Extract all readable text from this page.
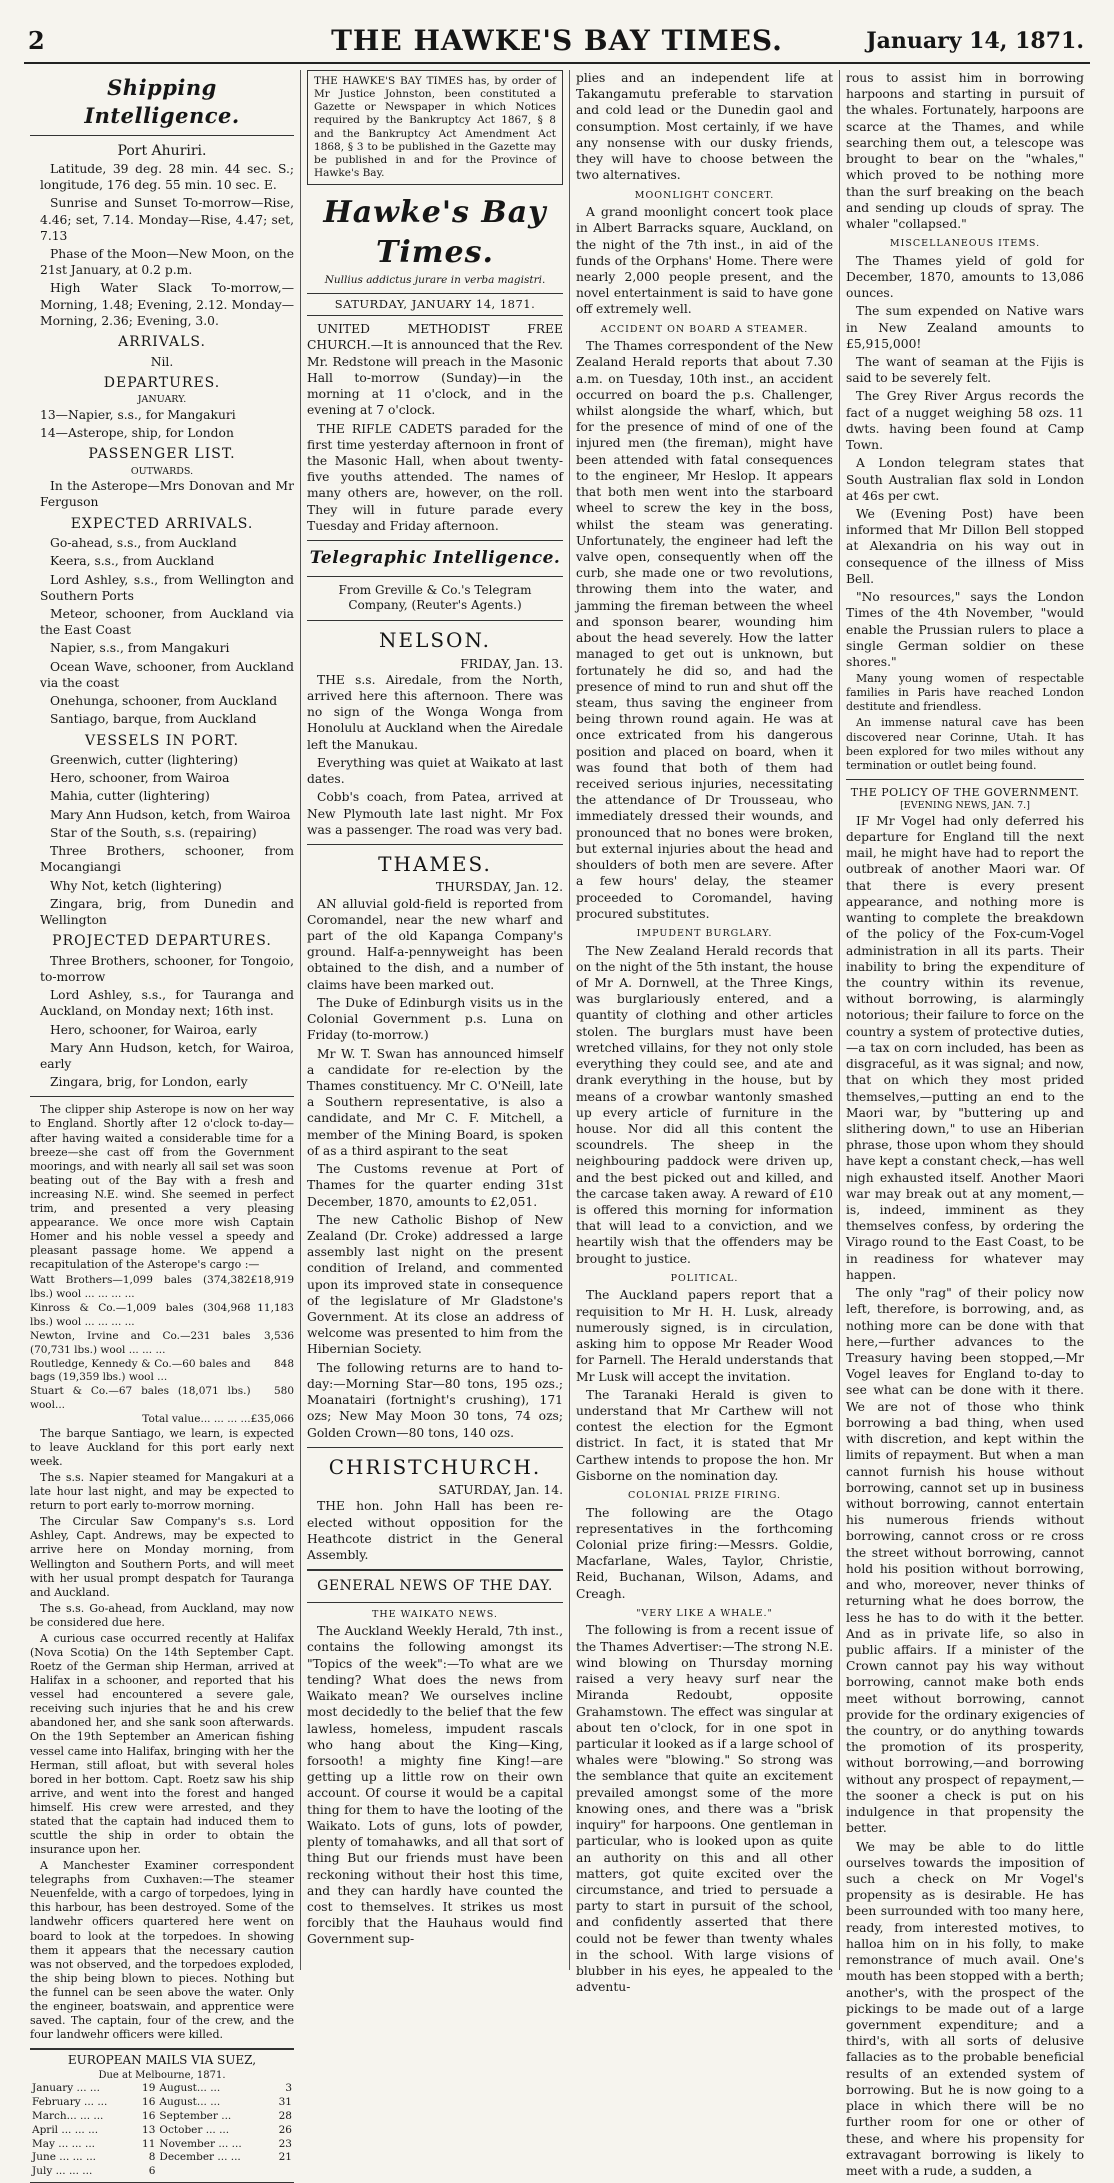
2	THE HAWKE'S BAY TIMES.	January 14, 1871.
Shipping Intelligence.
Port Ahuriri.

Latitude, 39 deg. 28 min. 44 sec. S.; longitude, 176 deg. 55 min. 10 sec. E.

Sunrise and Sunset To-morrow—Rise, 4.46; set, 7.14. Monday—Rise, 4.47; set, 7.13

Phase of the Moon—New Moon, on the 21st January, at 0.2 p.m.

High Water Slack To-morrow,—Morning, 1.48; Evening, 2.12. Monday—Morning, 2.36; Evening, 3.0.

ARRIVALS.
Nil.
DEPARTURES.
JANUARY.

13—Napier, s.s., for Mangakuri

14—Asterope, ship, for London

PASSENGER LIST.
OUTWARDS.

In the Asterope—Mrs Donovan and Mr Ferguson

EXPECTED ARRIVALS.

Go-ahead, s.s., from Auckland

Keera, s.s., from Auckland

Lord Ashley, s.s., from Wellington and Southern Ports

Meteor, schooner, from Auckland via the East Coast

Napier, s.s., from Mangakuri

Ocean Wave, schooner, from Auckland via the coast

Onehunga, schooner, from Auckland

Santiago, barque, from Auckland

VESSELS IN PORT.

Greenwich, cutter (lightering)

Hero, schooner, from Wairoa

Mahia, cutter (lightering)

Mary Ann Hudson, ketch, from Wairoa

Star of the South, s.s. (repairing)

Three Brothers, schooner, from Mocangiangi

Why Not, ketch (lightering)

Zingara, brig, from Dunedin and Wellington

PROJECTED DEPARTURES.

Three Brothers, schooner, for Tongoio, to-morrow

Lord Ashley, s.s., for Tauranga and Auckland, on Monday next; 16th inst.

Hero, schooner, for Wairoa, early

Mary Ann Hudson, ketch, for Wairoa, early

Zingara, brig, for London, early

The clipper ship Asterope is now on her way to England. Shortly after 12 o'clock to-day—after having waited a considerable time for a breeze—she cast off from the Government moorings, and with nearly all sail set was soon beating out of the Bay with a fresh and increasing N.E. wind. She seemed in perfect trim, and presented a very pleasing appearance. We once more wish Captain Homer and his noble vessel a speedy and pleasant passage home. We append a recapitulation of the Asterope's cargo :—

Watt Brothers—1,099 bales (374,382 lbs.) wool ... ... ... ...	£18,919
Kinross & Co.—1,009 bales (304,968 lbs.) wool ... ... ... ...	11,183
Newton, Irvine and Co.—231 bales (70,731 lbs.) wool ... ... ...	3,536
Routledge, Kennedy & Co.—60 bales and bags (19,359 lbs.) wool ...	848
Stuart & Co.—67 bales (18,071 lbs.) wool...	580
Total value... ... ... ...	£35,066

The barque Santiago, we learn, is expected to leave Auckland for this port early next week.

The s.s. Napier steamed for Mangakuri at a late hour last night, and may be expected to return to port early to-morrow morning.

The Circular Saw Company's s.s. Lord Ashley, Capt. Andrews, may be expected to arrive here on Monday morning, from Wellington and Southern Ports, and will meet with her usual prompt despatch for Tauranga and Auckland.

The s.s. Go-ahead, from Auckland, may now be considered due here.

A curious case occurred recently at Halifax (Nova Scotia) On the 14th September Capt. Roetz of the German ship Herman, arrived at Halifax in a schooner, and reported that his vessel had encountered a severe gale, receiving such injuries that he and his crew abandoned her, and she sank soon afterwards. On the 19th September an American fishing vessel came into Halifax, bringing with her the Herman, still afloat, but with several holes bored in her bottom. Capt. Roetz saw his ship arrive, and went into the forest and hanged himself. His crew were arrested, and they stated that the captain had induced them to scuttle the ship in order to obtain the insurance upon her.

A Manchester Examiner correspondent telegraphs from Cuxhaven:—The steamer Neuenfelde, with a cargo of torpedoes, lying in this harbour, has been destroyed. Some of the landwehr officers quartered here went on board to look at the torpedoes. In showing them it appears that the necessary caution was not observed, and the torpedoes exploded, the ship being blown to pieces. Nothing but the funnel can be seen above the water. Only the engineer, boatswain, and apprentice were saved. The captain, four of the crew, and the four landwehr officers were killed.

EUROPEAN MAILS VIA SUEZ,
Due at Melbourne, 1871.
January ... ...	19	August... ...	3
February ... ...	16	August... ...	31
March... ... ...	16	September ...	28
April ... ... ...	13	October ... ...	26
May ... ... ...	11	November ... ...	23
June ... ... ...	8	December ... ...	21
July ... ... ...	6		
THE HAWKE'S BAY TIMES has, by order of Mr Justice Johnston, been constituted a Gazette or Newspaper in which Notices required by the Bankruptcy Act 1867, § 8 and the Bankruptcy Act Amendment Act 1868, § 3 to be published in the Gazette may be published in and for the Province of Hawke's Bay.
Hawke's Bay Times.
Nullius addictus jurare in verba magistri.
SATURDAY, JANUARY 14, 1871.

UNITED METHODIST FREE CHURCH.—It is announced that the Rev. Mr. Redstone will preach in the Masonic Hall to-morrow (Sunday)—in the morning at 11 o'clock, and in the evening at 7 o'clock.

THE RIFLE CADETS paraded for the first time yesterday afternoon in front of the Masonic Hall, when about twenty-five youths attended. The names of many others are, however, on the roll. They will in future parade every Tuesday and Friday afternoon.

Telegraphic Intelligence.
From Greville & Co.'s Telegram Company, (Reuter's Agents.)
NELSON.
FRIDAY, Jan. 13.

THE s.s. Airedale, from the North, arrived here this afternoon. There was no sign of the Wonga Wonga from Honolulu at Auckland when the Airedale left the Manukau.

Everything was quiet at Waikato at last dates.

Cobb's coach, from Patea, arrived at New Plymouth late last night. Mr Fox was a passenger. The road was very bad.

THAMES.
THURSDAY, Jan. 12.

AN alluvial gold-field is reported from Coromandel, near the new wharf and part of the old Kapanga Company's ground. Half-a-pennyweight has been obtained to the dish, and a number of claims have been marked out.

The Duke of Edinburgh visits us in the Colonial Government p.s. Luna on Friday (to-morrow.)

Mr W. T. Swan has announced himself a candidate for re-election by the Thames constituency. Mr C. O'Neill, late a Southern representative, is also a candidate, and Mr C. F. Mitchell, a member of the Mining Board, is spoken of as a third aspirant to the seat

The Customs revenue at Port of Thames for the quarter ending 31st December, 1870, amounts to £2,051.

The new Catholic Bishop of New Zealand (Dr. Croke) addressed a large assembly last night on the present condition of Ireland, and commented upon its improved state in consequence of the legislature of Mr Gladstone's Government. At its close an address of welcome was presented to him from the Hibernian Society.

The following returns are to hand to-day:—Morning Star—80 tons, 195 ozs.; Moanatairi (fortnight's crushing), 171 ozs; New May Moon 30 tons, 74 ozs; Golden Crown—80 tons, 140 ozs.

CHRISTCHURCH.
SATURDAY, Jan. 14.

THE hon. John Hall has been re-elected without opposition for the Heathcote district in the General Assembly.

GENERAL NEWS OF THE DAY.
THE WAIKATO NEWS.

The Auckland Weekly Herald, 7th inst., contains the following amongst its "Topics of the week":—To what are we tending? What does the news from Waikato mean? We ourselves incline most decidedly to the belief that the few lawless, homeless, impudent rascals who hang about the King—King, forsooth! a mighty fine King!—are getting up a little row on their own account. Of course it would be a capital thing for them to have the looting of the Waikato. Lots of guns, lots of powder, plenty of tomahawks, and all that sort of thing But our friends must have been reckoning without their host this time, and they can hardly have counted the cost to themselves. It strikes us most forcibly that the Hauhaus would find Government sup-

plies and an independent life at Takangamutu preferable to starvation and cold lead or the Dunedin gaol and consumption. Most certainly, if we have any nonsense with our dusky friends, they will have to choose between the two alternatives.

MOONLIGHT CONCERT.

A grand moonlight concert took place in Albert Barracks square, Auckland, on the night of the 7th inst., in aid of the funds of the Orphans' Home. There were nearly 2,000 people present, and the novel entertainment is said to have gone off extremely well.

ACCIDENT ON BOARD A STEAMER.

The Thames correspondent of the New Zealand Herald reports that about 7.30 a.m. on Tuesday, 10th inst., an accident occurred on board the p.s. Challenger, whilst alongside the wharf, which, but for the presence of mind of one of the injured men (the fireman), might have been attended with fatal consequences to the engineer, Mr Heslop. It appears that both men went into the starboard wheel to screw the key in the boss, whilst the steam was generating. Unfortunately, the engineer had left the valve open, consequently when off the curb, she made one or two revolutions, throwing them into the water, and jamming the fireman between the wheel and sponson bearer, wounding him about the head severely. How the latter managed to get out is unknown, but fortunately he did so, and had the presence of mind to run and shut off the steam, thus saving the engineer from being thrown round again. He was at once extricated from his dangerous position and placed on board, when it was found that both of them had received serious injuries, necessitating the attendance of Dr Trousseau, who immediately dressed their wounds, and pronounced that no bones were broken, but external injuries about the head and shoulders of both men are severe. After a few hours' delay, the steamer proceeded to Coromandel, having procured substitutes.

IMPUDENT BURGLARY.

The New Zealand Herald records that on the night of the 5th instant, the house of Mr A. Dornwell, at the Three Kings, was burglariously entered, and a quantity of clothing and other articles stolen. The burglars must have been wretched villains, for they not only stole everything they could see, and ate and drank everything in the house, but by means of a crowbar wantonly smashed up every article of furniture in the house. Nor did all this content the scoundrels. The sheep in the neighbouring paddock were driven up, and the best picked out and killed, and the carcase taken away. A reward of £10 is offered this morning for information that will lead to a conviction, and we heartily wish that the offenders may be brought to justice.

POLITICAL.

The Auckland papers report that a requisition to Mr H. H. Lusk, already numerously signed, is in circulation, asking him to oppose Mr Reader Wood for Parnell. The Herald understands that Mr Lusk will accept the invitation.

The Taranaki Herald is given to understand that Mr Carthew will not contest the election for the Egmont district. In fact, it is stated that Mr Carthew intends to propose the hon. Mr Gisborne on the nomination day.

COLONIAL PRIZE FIRING.

The following are the Otago representatives in the forthcoming Colonial prize firing:—Messrs. Goldie, Macfarlane, Wales, Taylor, Christie, Reid, Buchanan, Wilson, Adams, and Creagh.

"VERY LIKE A WHALE."

The following is from a recent issue of the Thames Advertiser:—The strong N.E. wind blowing on Thursday morning raised a very heavy surf near the Miranda Redoubt, opposite Grahamstown. The effect was singular at about ten o'clock, for in one spot in particular it looked as if a large school of whales were "blowing." So strong was the semblance that quite an excitement prevailed amongst some of the more knowing ones, and there was a "brisk inquiry" for harpoons. One gentleman in particular, who is looked upon as quite an authority on this and all other matters, got quite excited over the circumstance, and tried to persuade a party to start in pursuit of the school, and confidently asserted that there could not be fewer than twenty whales in the school. With large visions of blubber in his eyes, he appealed to the adventu-

rous to assist him in borrowing harpoons and starting in pursuit of the whales. Fortunately, harpoons are scarce at the Thames, and while searching them out, a telescope was brought to bear on the "whales," which proved to be nothing more than the surf breaking on the beach and sending up clouds of spray. The whaler "collapsed."

MISCELLANEOUS ITEMS.

The Thames yield of gold for December, 1870, amounts to 13,086 ounces.

The sum expended on Native wars in New Zealand amounts to £5,915,000!

The want of seaman at the Fijis is said to be severely felt.

The Grey River Argus records the fact of a nugget weighing 58 ozs. 11 dwts. having been found at Camp Town.

A London telegram states that South Australian flax sold in London at 46s per cwt.

We (Evening Post) have been informed that Mr Dillon Bell stopped at Alexandria on his way out in consequence of the illness of Miss Bell.

"No resources," says the London Times of the 4th November, "would enable the Prussian rulers to place a single German soldier on these shores."

Many young women of respectable families in Paris have reached London destitute and friendless.

An immense natural cave has been discovered near Corinne, Utah. It has been explored for two miles without any termination or outlet being found.

THE POLICY OF THE GOVERNMENT.
[EVENING NEWS, JAN. 7.]

IF Mr Vogel had only deferred his departure for England till the next mail, he might have had to report the outbreak of another Maori war. Of that there is every present appearance, and nothing more is wanting to complete the breakdown of the policy of the Fox-cum-Vogel administration in all its parts. Their inability to bring the expenditure of the country within its revenue, without borrowing, is alarmingly notorious; their failure to force on the country a system of protective duties,—a tax on corn included, has been as disgraceful, as it was signal; and now, that on which they most prided themselves,—putting an end to the Maori war, by "buttering up and slithering down," to use an Hiberian phrase, those upon whom they should have kept a constant check,—has well nigh exhausted itself. Another Maori war may break out at any moment,—is, indeed, imminent as they themselves confess, by ordering the Virago round to the East Coast, to be in readiness for whatever may happen.

The only "rag" of their policy now left, therefore, is borrowing, and, as nothing more can be done with that here,—further advances to the Treasury having been stopped,—Mr Vogel leaves for England to-day to see what can be done with it there. We are not of those who think borrowing a bad thing, when used with discretion, and kept within the limits of repayment. But when a man cannot furnish his house without borrowing, cannot set up in business without borrowing, cannot entertain his numerous friends without borrowing, cannot cross or re cross the street without borrowing, cannot hold his position without borrowing, and who, moreover, never thinks of returning what he does borrow, the less he has to do with it the better. And as in private life, so also in public affairs. If a minister of the Crown cannot pay his way without borrowing, cannot make both ends meet without borrowing, cannot provide for the ordinary exigencies of the country, or do anything towards the promotion of its prosperity, without borrowing,—and borrowing without any prospect of repayment,—the sooner a check is put on his indulgence in that propensity the better.

We may be able to do little ourselves towards the imposition of such a check on Mr Vogel's propensity as is desirable. He has been surrounded with too many here, ready, from interested motives, to halloa him on in his folly, to make remonstrance of much avail. One's mouth has been stopped with a berth; another's, with the prospect of the pickings to be made out of a large government expenditure; and a third's, with all sorts of delusive fallacies as to the probable beneficial results of an extended system of borrowing. But he is now going to a place in which there will be no further room for one or other of these, and where his propensity for extravagant borrowing is likely to meet with a rude, a sudden, a
